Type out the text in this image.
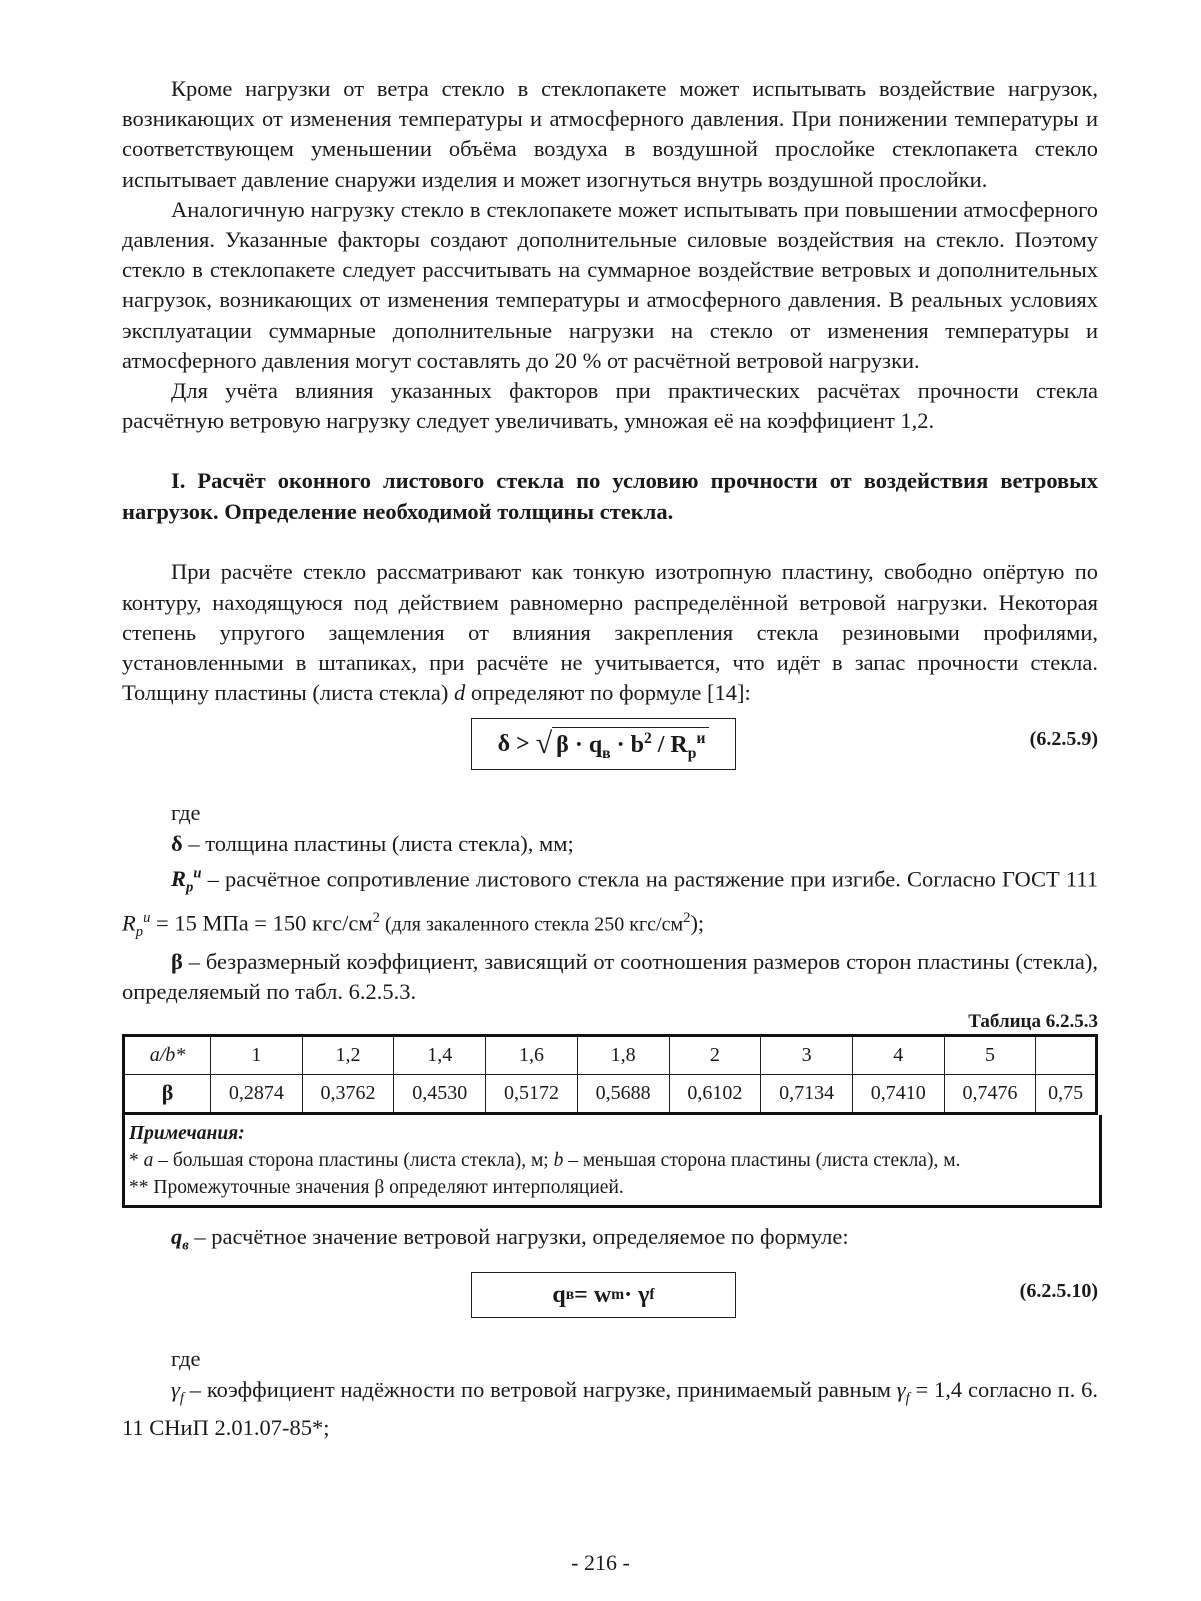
Кроме нагрузки от ветра стекло в стеклопакете может испытывать воздействие нагрузок, возникающих от изменения температуры и атмосферного давления. При понижении температуры и соответствующем уменьшении объёма воздуха в воздушной прослойке стеклопакета стекло испытывает давление снаружи изделия и может изогнуться внутрь воздушной прослойки.

Аналогичную нагрузку стекло в стеклопакете может испытывать при повышении атмосферного давления. Указанные факторы создают дополнительные силовые воздействия на стекло. Поэтому стекло в стеклопакете следует рассчитывать на суммарное воздействие ветровых и дополнительных нагрузок, возникающих от изменения температуры и атмосферного давления. В реальных условиях эксплуатации суммарные дополнительные нагрузки на стекло от изменения температуры и атмосферного давления могут составлять до 20 % от расчётной ветровой нагрузки.

Для учёта влияния указанных факторов при практических расчётах прочности стекла расчётную ветровую нагрузку следует увеличивать, умножая её на коэффициент 1,2.

I. Расчёт оконного листового стекла по условию прочности от воздействия ветровых нагрузок. Определение необходимой толщины стекла.

При расчёте стекло рассматривают как тонкую изотропную пластину, свободно опёртую по контуру, находящуюся под действием равномерно распределённой ветровой нагрузки. Некоторая степень упругого защемления от влияния закрепления стекла резиновыми профилями, установленными в штапиках, при расчёте не учитывается, что идёт в запас прочности стекла. Толщину пластины (листа стекла) d определяют по формуле [14]:

δ >
√ $\beta \cdot q_в \cdot b^2 / R_р^и$	(6.2.5.9)

где

δ – толщина пластины (листа стекла), мм;

$R_р^и$ – расчётное сопротивление листового стекла на растяжение при изгибе. Согласно ГОСТ 111 $R_р^и = 15$ МПа = 150 кгс/$см^2$ (для закаленного стекла 250 кгс/$см^2$);

β – безразмерный коэффициент, зависящий от соотношения размеров сторон пластины (стекла), определяемый по табл. 6.2.5.3.

Таблица 6.2.5.3
a/b*	1	1,2	1,4	1,6	1,8	2	3	4	5	
β	0,2874	0,3762	0,4530	0,5172	0,5688	0,6102	0,7134	0,7410	0,7476	0,75
Примечания:
* а – большая сторона пластины (листа стекла), м; b – меньшая сторона пластины (листа стекла), м.
** Промежуточные значения β определяют интерполяцией.

$q_в$ – расчётное значение ветровой нагрузки, определяемое по формуле:

q в = w m · γ f	(6.2.5.10)

где

$\gamma_f$ – коэффициент надёжности по ветровой нагрузке, принимаемый равным $\gamma_f = 1,4$ согласно п. 6. 11 СНиП 2.01.07-85*;

- 216 -
